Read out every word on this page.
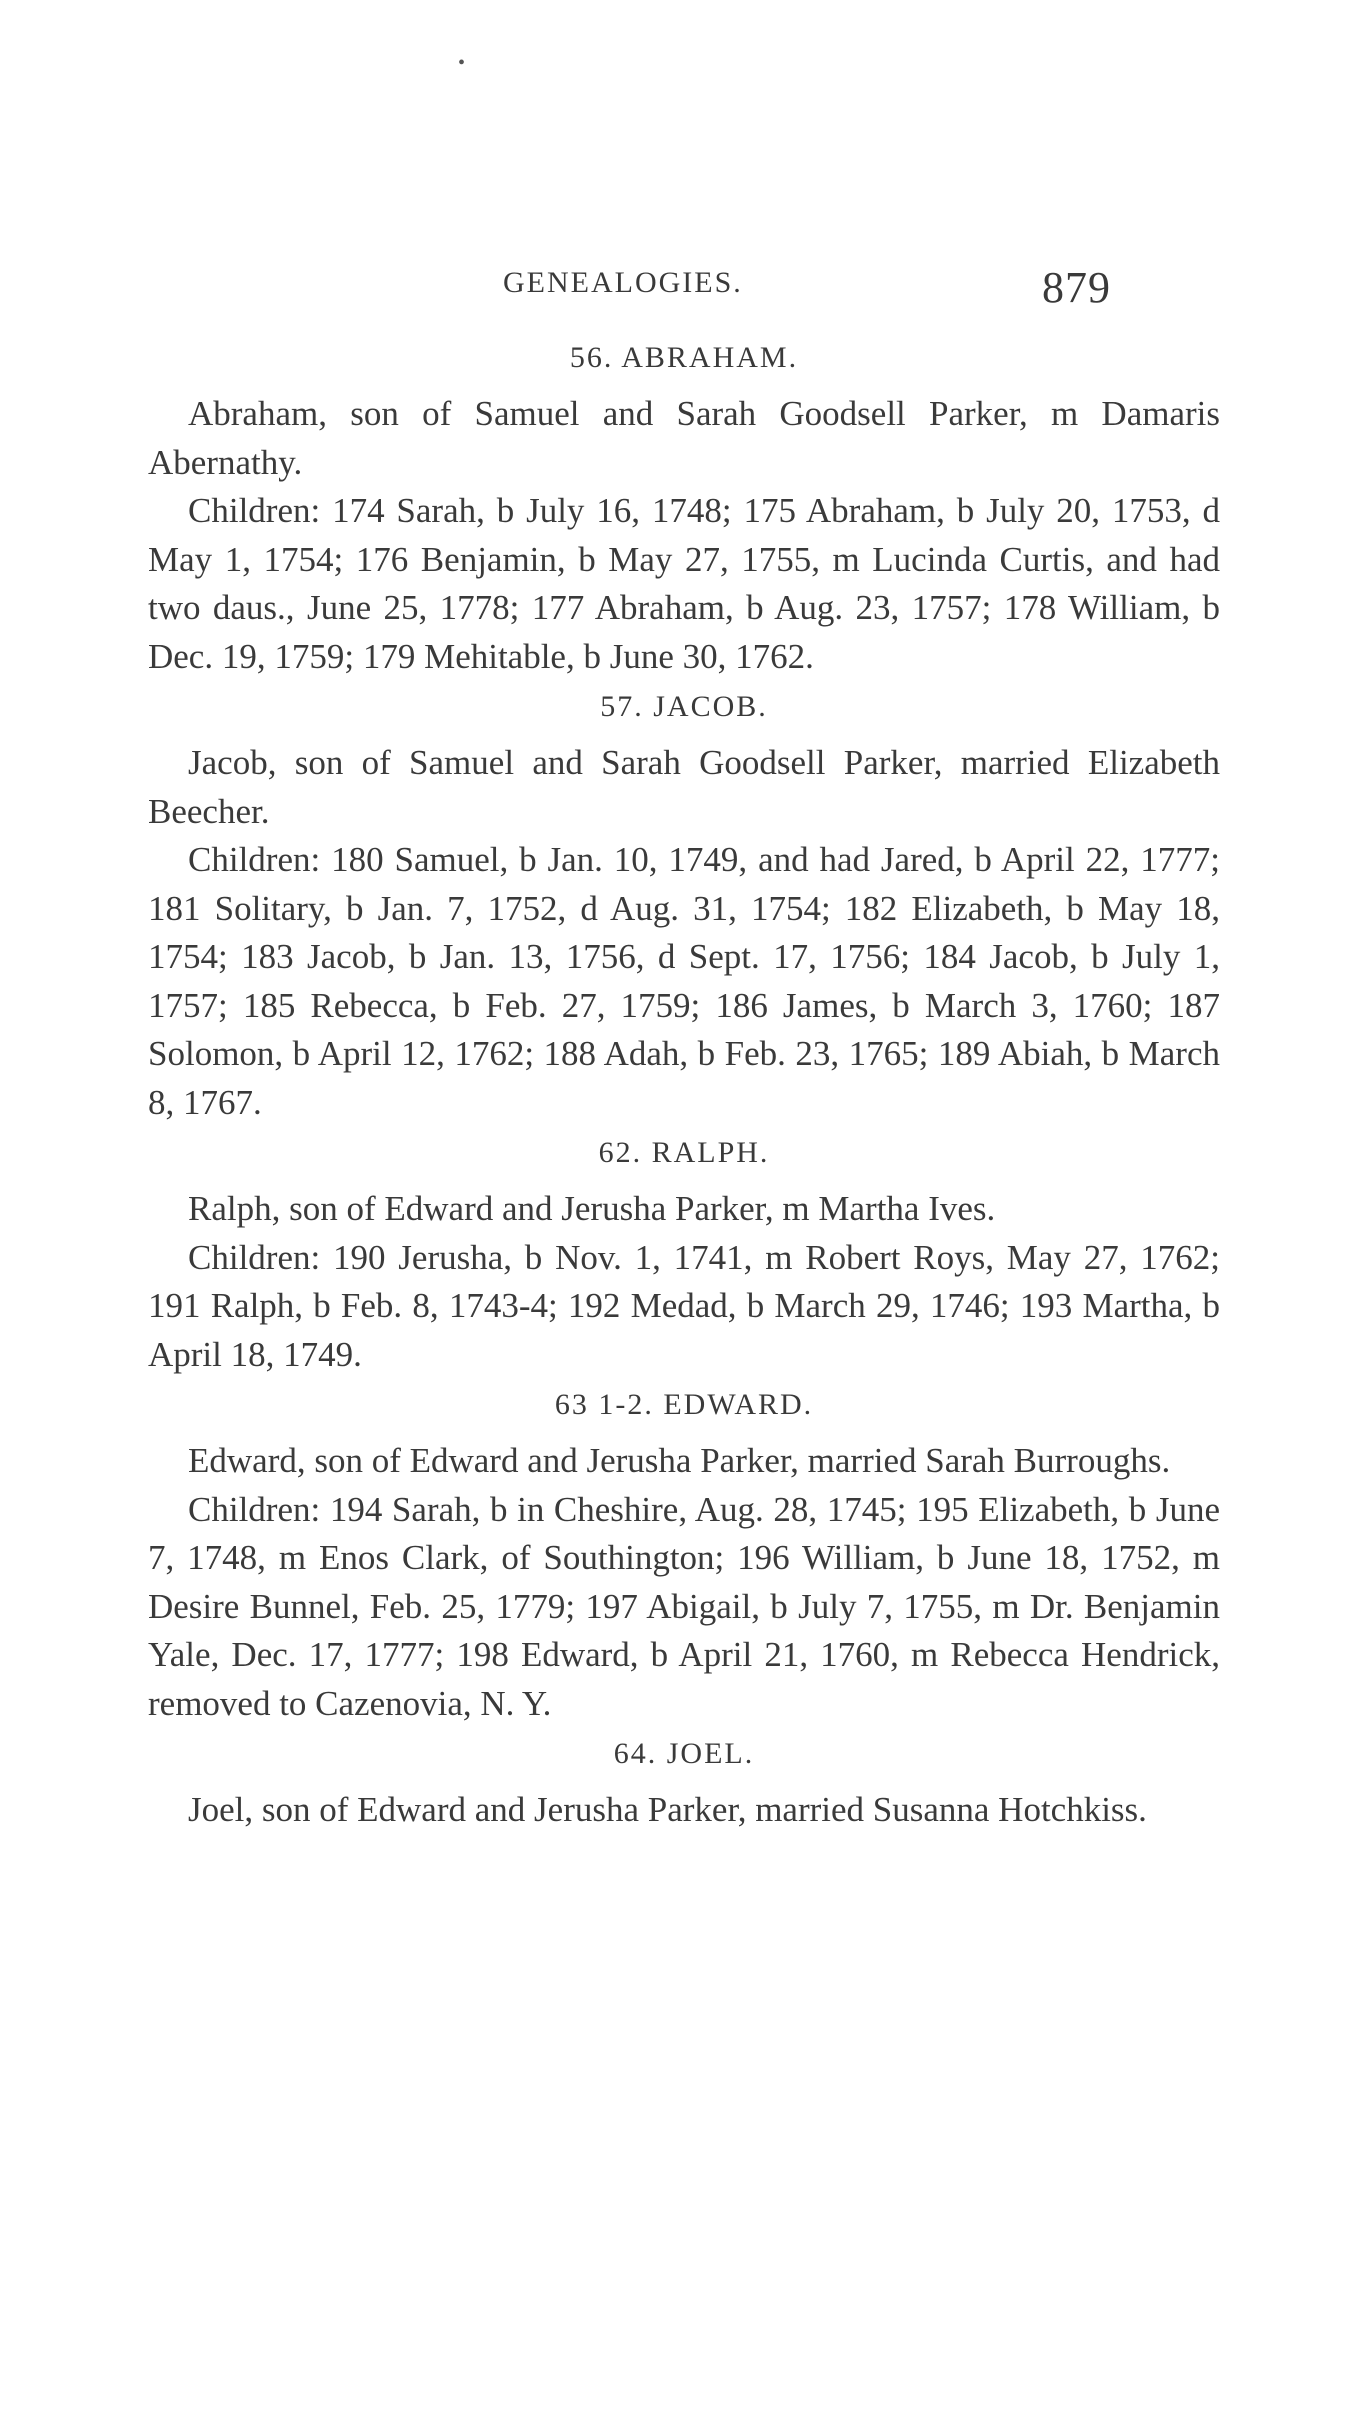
•
GENEALOGIES.	879
56. ABRAHAM.

Abraham, son of Samuel and Sarah Goodsell Parker, m Damaris Abernathy.

Children: 174 Sarah, b July 16, 1748; 175 Abraham, b July 20, 1753, d May 1, 1754; 176 Benjamin, b May 27, 1755, m Lucinda Curtis, and had two daus., June 25, 1778; 177 Abraham, b Aug. 23, 1757; 178 William, b Dec. 19, 1759; 179 Mehitable, b June 30, 1762.

57. JACOB.

Jacob, son of Samuel and Sarah Goodsell Parker, married Elizabeth Beecher.

Children: 180 Samuel, b Jan. 10, 1749, and had Jared, b April 22, 1777; 181 Solitary, b Jan. 7, 1752, d Aug. 31, 1754; 182 Elizabeth, b May 18, 1754; 183 Jacob, b Jan. 13, 1756, d Sept. 17, 1756; 184 Jacob, b July 1, 1757; 185 Rebecca, b Feb. 27, 1759; 186 James, b March 3, 1760; 187 Solomon, b April 12, 1762; 188 Adah, b Feb. 23, 1765; 189 Abiah, b March 8, 1767.

62. RALPH.

Ralph, son of Edward and Jerusha Parker, m Martha Ives.

Children: 190 Jerusha, b Nov. 1, 1741, m Robert Roys, May 27, 1762; 191 Ralph, b Feb. 8, 1743-4; 192 Medad, b March 29, 1746; 193 Martha, b April 18, 1749.

63 1-2. EDWARD.

Edward, son of Edward and Jerusha Parker, married Sarah Burroughs.

Children: 194 Sarah, b in Cheshire, Aug. 28, 1745; 195 Elizabeth, b June 7, 1748, m Enos Clark, of Southington; 196 William, b June 18, 1752, m Desire Bunnel, Feb. 25, 1779; 197 Abigail, b July 7, 1755, m Dr. Benjamin Yale, Dec. 17, 1777; 198 Edward, b April 21, 1760, m Rebecca Hendrick, removed to Cazenovia, N. Y.

64. JOEL.

Joel, son of Edward and Jerusha Parker, married Susanna Hotchkiss.
